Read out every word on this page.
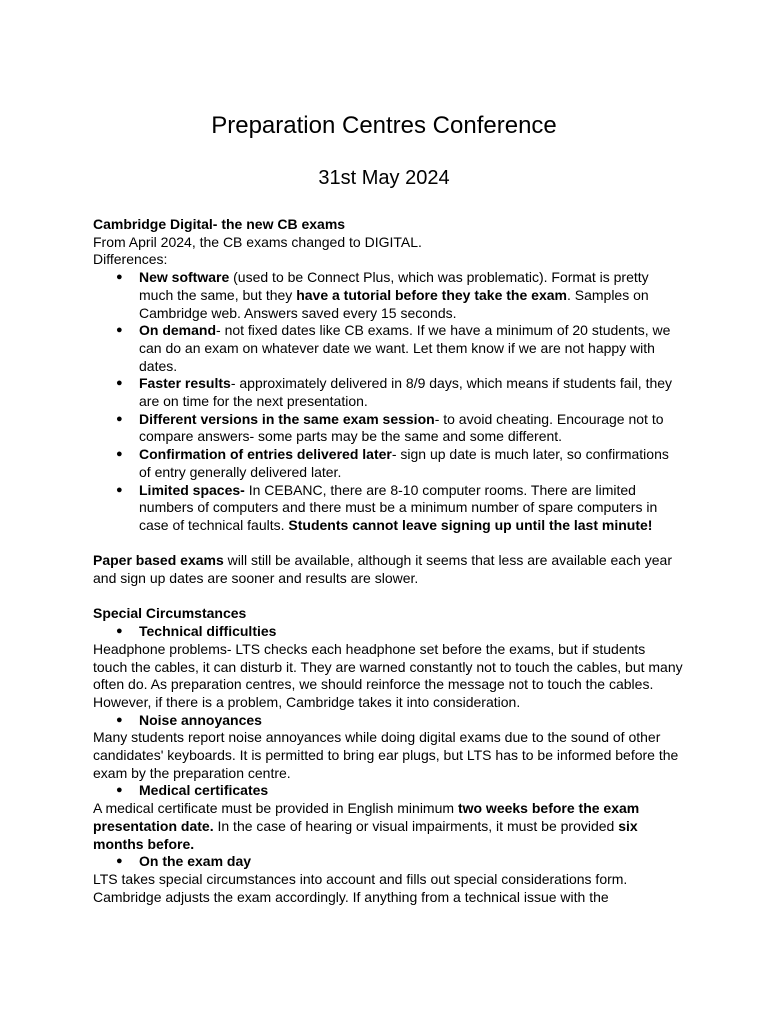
Preparation Centres Conference
31st May 2024

Cambridge Digital- the new CB exams

From April 2024, the CB exams changed to DIGITAL.

Differences:

● New software (used to be Connect Plus, which was problematic). Format is pretty much the same, but they have a tutorial before they take the exam. Samples on Cambridge web. Answers saved every 15 seconds.
● On demand- not fixed dates like CB exams. If we have a minimum of 20 students, we can do an exam on whatever date we want. Let them know if we are not happy with dates.
● Faster results- approximately delivered in 8/9 days, which means if students fail, they are on time for the next presentation.
● Different versions in the same exam session- to avoid cheating. Encourage not to compare answers- some parts may be the same and some different.
● Confirmation of entries delivered later- sign up date is much later, so confirmations of entry generally delivered later.
● Limited spaces- In CEBANC, there are 8-10 computer rooms. There are limited numbers of computers and there must be a minimum number of spare computers in case of technical faults. Students cannot leave signing up until the last minute!

Paper based exams will still be available, although it seems that less are available each year and sign up dates are sooner and results are slower.

Special Circumstances

● Technical difficulties

Headphone problems- LTS checks each headphone set before the exams, but if students touch the cables, it can disturb it. They are warned constantly not to touch the cables, but many often do. As preparation centres, we should reinforce the message not to touch the cables. However, if there is a problem, Cambridge takes it into consideration.

● Noise annoyances

Many students report noise annoyances while doing digital exams due to the sound of other candidates' keyboards. It is permitted to bring ear plugs, but LTS has to be informed before the exam by the preparation centre.

● Medical certificates

A medical certificate must be provided in English minimum two weeks before the exam presentation date. In the case of hearing or visual impairments, it must be provided six months before.

● On the exam day

LTS takes special circumstances into account and fills out special considerations form. Cambridge adjusts the exam accordingly. If anything from a technical issue with the
